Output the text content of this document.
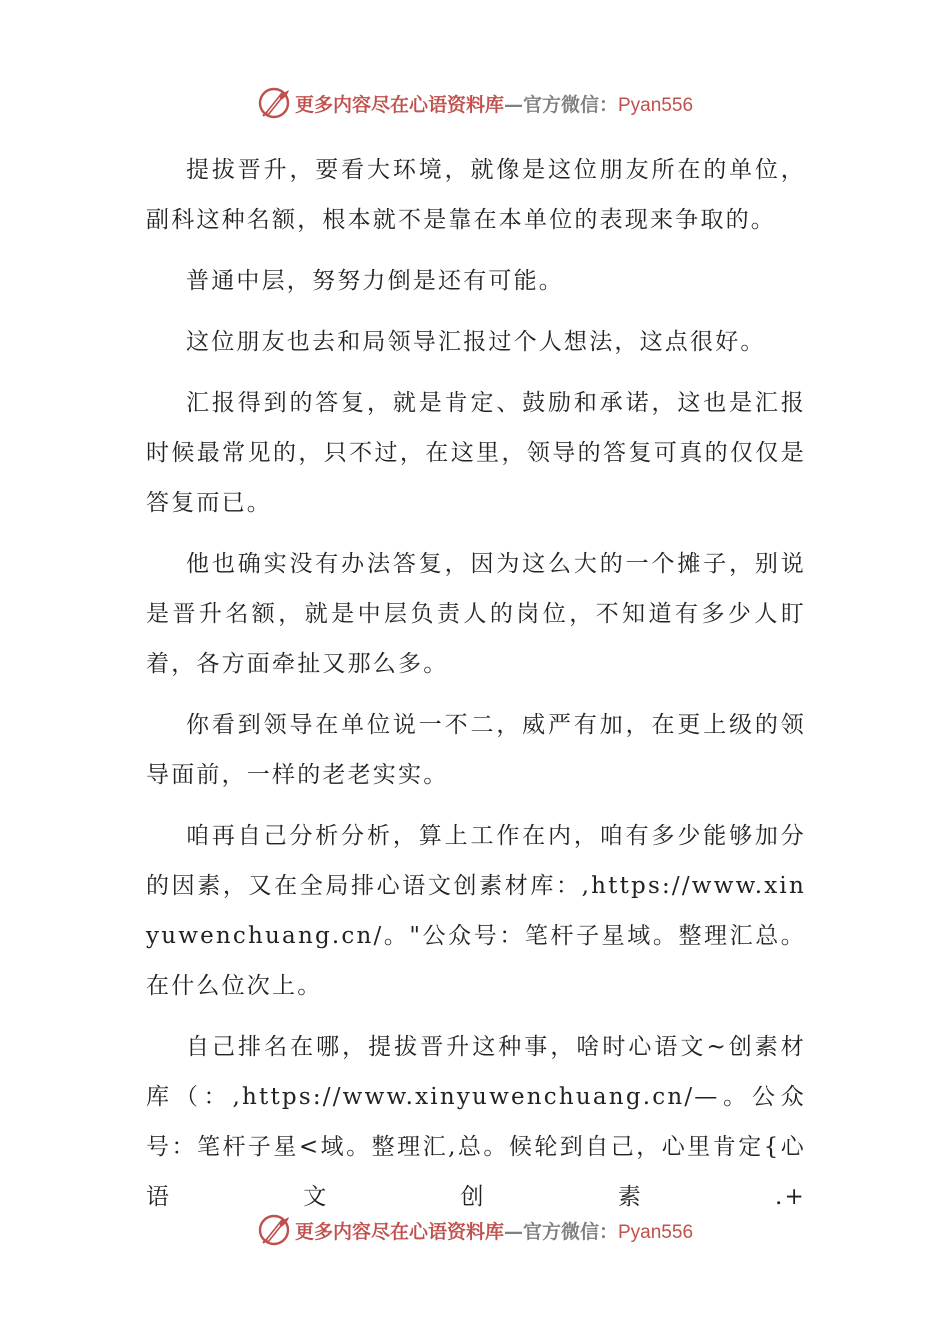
更多内容尽在心语资料库—官方微信：Pyan556

提拔晋升，要看大环境，就像是这位朋友所在的单位，副科这种名额，根本就不是靠在本单位的表现来争取的。

普通中层，努努力倒是还有可能。

这位朋友也去和局领导汇报过个人想法，这点很好。

汇报得到的答复，就是肯定、鼓励和承诺，这也是汇报时候最常见的，只不过，在这里，领导的答复可真的仅仅是答复而已。

他也确实没有办法答复，因为这么大的一个摊子，别说是晋升名额，就是中层负责人的岗位，不知道有多少人盯着，各方面牵扯又那么多。

你看到领导在单位说一不二，威严有加，在更上级的领导面前，一样的老老实实。

咱再自己分析分析，算上工作在内，咱有多少能够加分的因素，又在全局排心语文创素材库：,https://www.xinyuwenchuang.cn/。"公众号：笔杆子星域。整理汇总。在什么位次上。

自己排名在哪，提拔晋升这种事，啥时心语文~创素材库（：,https://www.xinyuwenchuang.cn/—。公众号：笔杆子星<域。整理汇,总。候轮到自己，心里肯定{心语文创素.+

更多内容尽在心语资料库—官方微信：Pyan556
